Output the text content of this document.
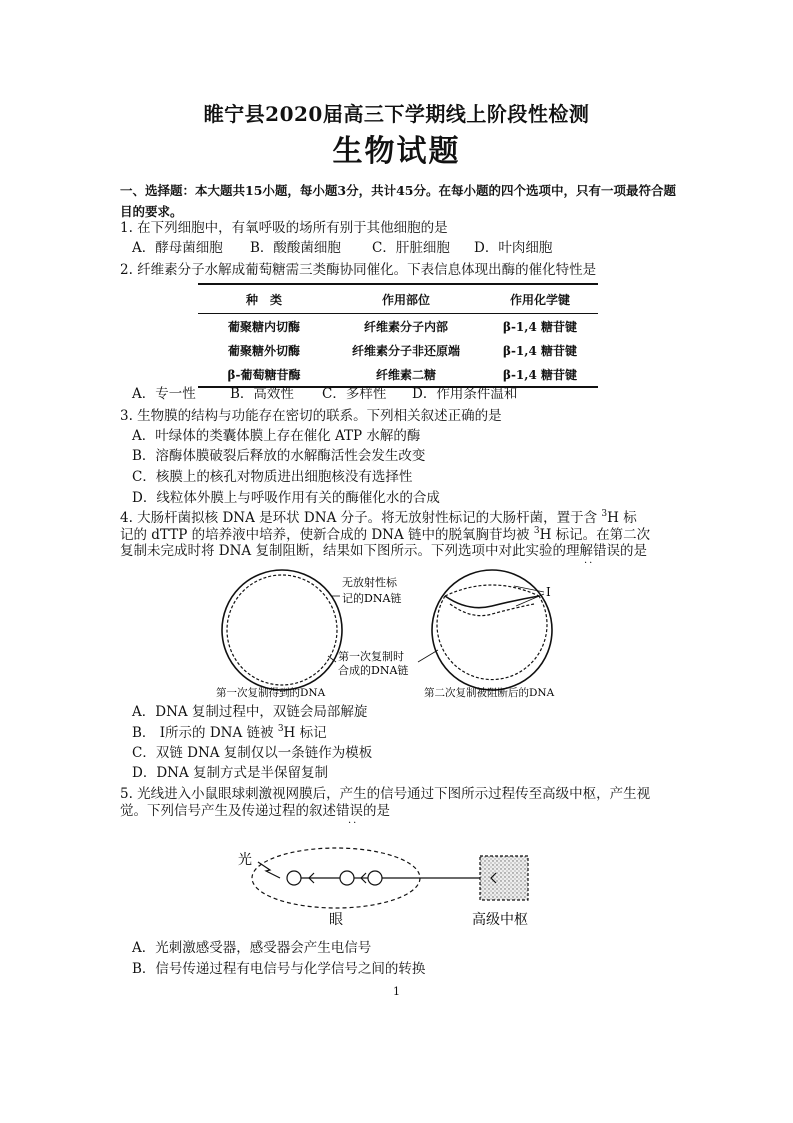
睢宁县2020届高三下学期线上阶段性检测
生物试题
一、选择题：本大题共15小题，每小题3分，共计45分。在每小题的四个选项中，只有一项最符合题目的要求。
1. 在下列细胞中，有氧呼吸的场所有别于其他细胞的是
A．酵母菌细胞 B．酸酸菌细胞 C．肝脏细胞 D．叶肉细胞
2. 纤维素分子水解成葡萄糖需三类酶协同催化。下表信息体现出酶的催化特性是
种　类	作用部位	作用化学键
葡聚糖内切酶	纤维素分子内部	β-1,4 糖苷键
葡聚糖外切酶	纤维素分子非还原端	β-1,4 糖苷键
β-葡萄糖苷酶	纤维素二糖	β-1,4 糖苷键
A．专一性	B．高效性 C．多样性 D．作用条件温和
3. 生物膜的结构与功能存在密切的联系。下列相关叙述正确的是
A．叶绿体的类囊体膜上存在催化 ATP 水解的酶
B．溶酶体膜破裂后释放的水解酶活性会发生改变
C．核膜上的核孔对物质进出细胞核没有选择性
D．线粒体外膜上与呼吸作用有关的酶催化水的合成
4. 大肠杆菌拟核 DNA 是环状 DNA 分子。将无放射性标记的大肠杆菌，置于含 $^3$H 标
记的 dTTP 的培养液中培养，使新合成的 DNA 链中的脱氧胸苷均被 $^3$H 标记。在第二次
复制未完成时将 DNA 复制阻断，结果如下图所示。下列选项中对此实验的理解错误的是
··
无放射性标
记的DNA链
第一次复制时
合成的DNA链
I
第一次复制得到的DNA	第二次复制被阻断后的DNA
A．DNA 复制过程中，双链会局部解旋
B． Ⅰ所示的 DNA 链被 $^3$H 标记
C．双链 DNA 复制仅以一条链作为模板
D．DNA 复制方式是半保留复制
5. 光线进入小鼠眼球刺激视网膜后，产生的信号通过下图所示过程传至高级中枢，产生视
觉。下列信号产生及传递过程的叙述错误的是
··
光
眼	高级中枢
A．光刺激感受器，感受器会产生电信号
B．信号传递过程有电信号与化学信号之间的转换
1
